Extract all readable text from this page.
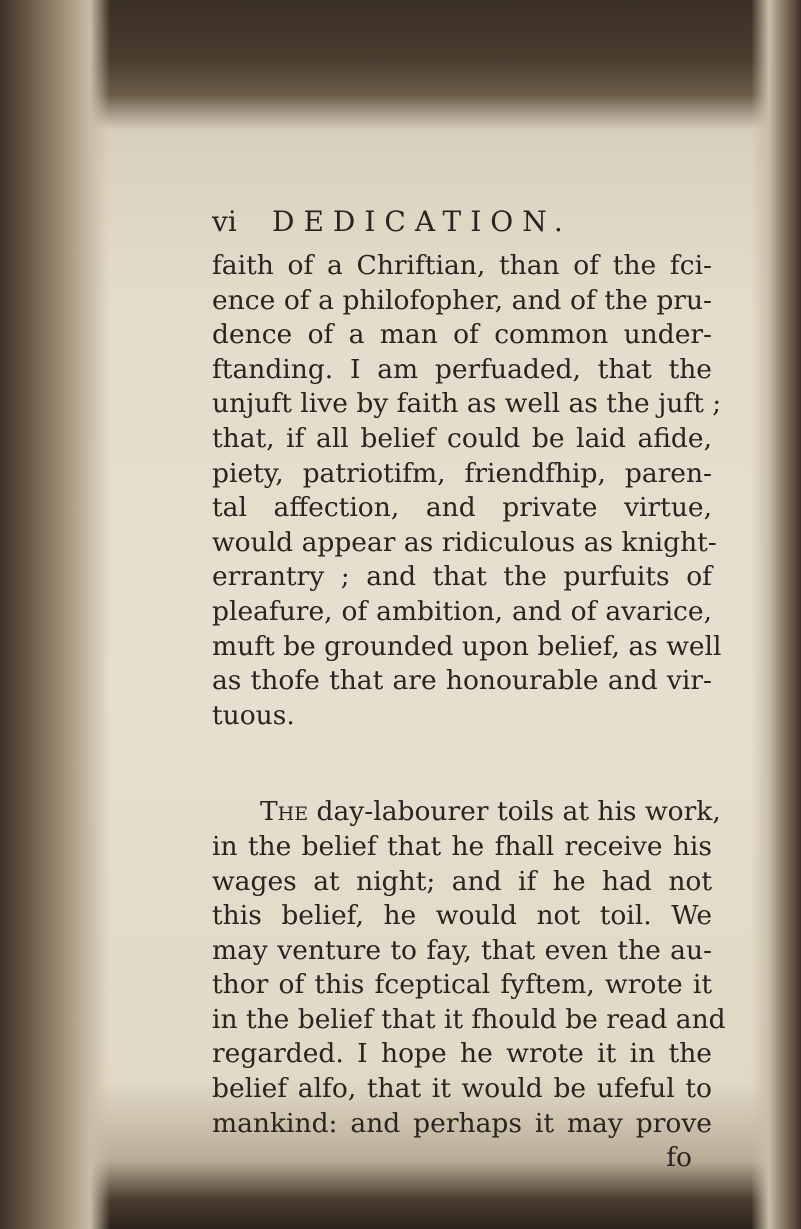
vi DEDICATION.
faith of a Chriftian, than of the fci-
ence of a philofopher, and of the pru-
dence of a man of common under-
ftanding. I am perfuaded, that the
unjuft live by faith as well as the juft ;
that, if all belief could be laid afide,
piety, patriotifm, friendfhip, paren-
tal affection, and private virtue,
would appear as ridiculous as knight-
errantry ; and that the purfuits of
pleafure, of ambition, and of avarice,
muft be grounded upon belief, as well
as thofe that are honourable and vir-
tuous.
The day-labourer toils at his work,
in the belief that he fhall receive his
wages at night; and if he had not
this belief, he would not toil. We
may venture to fay, that even the au-
thor of this fceptical fyftem, wrote it
in the belief that it fhould be read and
regarded. I hope he wrote it in the
belief alfo, that it would be ufeful to
mankind: and perhaps it may prove
fo
